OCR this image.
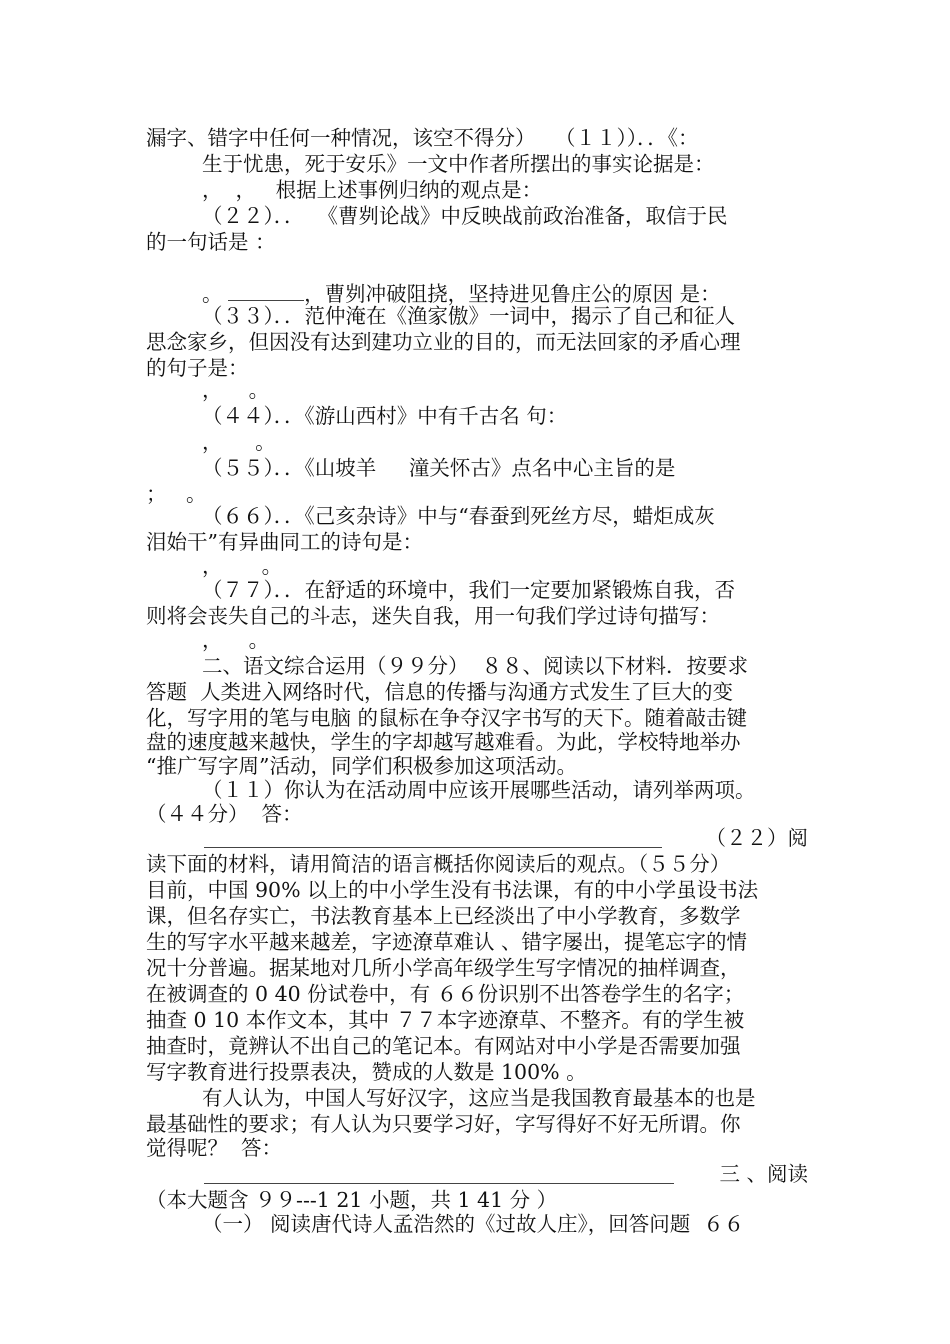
漏字、错字中任何一种情况，该空不得分）   （１１））．．《：
生于忧患，死于安乐》一文中作者所摆出的事实论据是：
，  ，   根据上述事例归纳的观点是：
（２２）．．  《曹刿论战》中反映战前政治准备，取信于民
的一句话是 ：

，曹刿冲破阻挠，坚持进见鲁庄公的原因 是：

。
（３３）．．范仲淹在《渔家傲》一词中，揭示了自己和征人
思念家乡，但因没有达到建功立业的目的，而无法回家的矛盾心理
的句子是：
，    。
（４４）．．《游山西村》中有千古名 句：
，     。
（５５）．．《山坡羊     潼关怀古》点名中心主旨的是
；   。
（６６）．．《己亥杂诗》中与“春蚕到死丝方尽，蜡炬成灰
泪始干”有异曲同工的诗句是：
，      。
（７７）．．在舒适的环境中，我们一定要加紧锻炼自我，否
则将会丧失自己的斗志，迷失自我，用一句我们学过诗句描写：
，    。
二、语文综合运用（９９分）  ８８、阅读以下材料．按要求
答题  人类进入网络时代，信息的传播与沟通方式发生了巨大的变
化，写字用的笔与电脑 的鼠标在争夺汉字书写的天下。随着敲击键
盘的速度越来越快，学生的字却越写越难看。为此，学校特地举办
“推广写字周”活动，同学们积极参加这项活动。
（１１）你认为在活动周中应该开展哪些活动，请列举两项。
（４４分）  答：

（２２）阅

读下面的材料，请用简洁的语言概括你阅读后的观点。（５５分）
目前，中国 90% 以上的中小学生没有书法课，有的中小学虽设书法
课，但名存实亡，书法教育基本上已经淡出了中小学教育，多数学
生的写字水平越来越差，字迹潦草难认 、错字屡出，提笔忘字的情
况十分普遍。据某地对几所小学高年级学生写字情况的抽样调查，
在被调查的 0 40 份试卷中，有 ６６份识别不出答卷学生的名字；
抽查 0 10 本作文本，其中 ７７本字迹潦草、不整齐。有的学生被
抽查时，竟辨认不出自己的笔记本。有网站对中小学是否需要加强
写字教育进行投票表决，赞成的人数是 100% 。
有人认为，中国人写好汉字，这应当是我国教育最基本的也是
最基础性的要求；有人认为只要学习好，字写得好不好无所谓。你
觉得呢？  答：

三 、阅读

（本大题含 ９９---1 21 小题，共 1 41 分 ）
（一） 阅读唐代诗人孟浩然的《过故人庄》，回答问题  ６６
